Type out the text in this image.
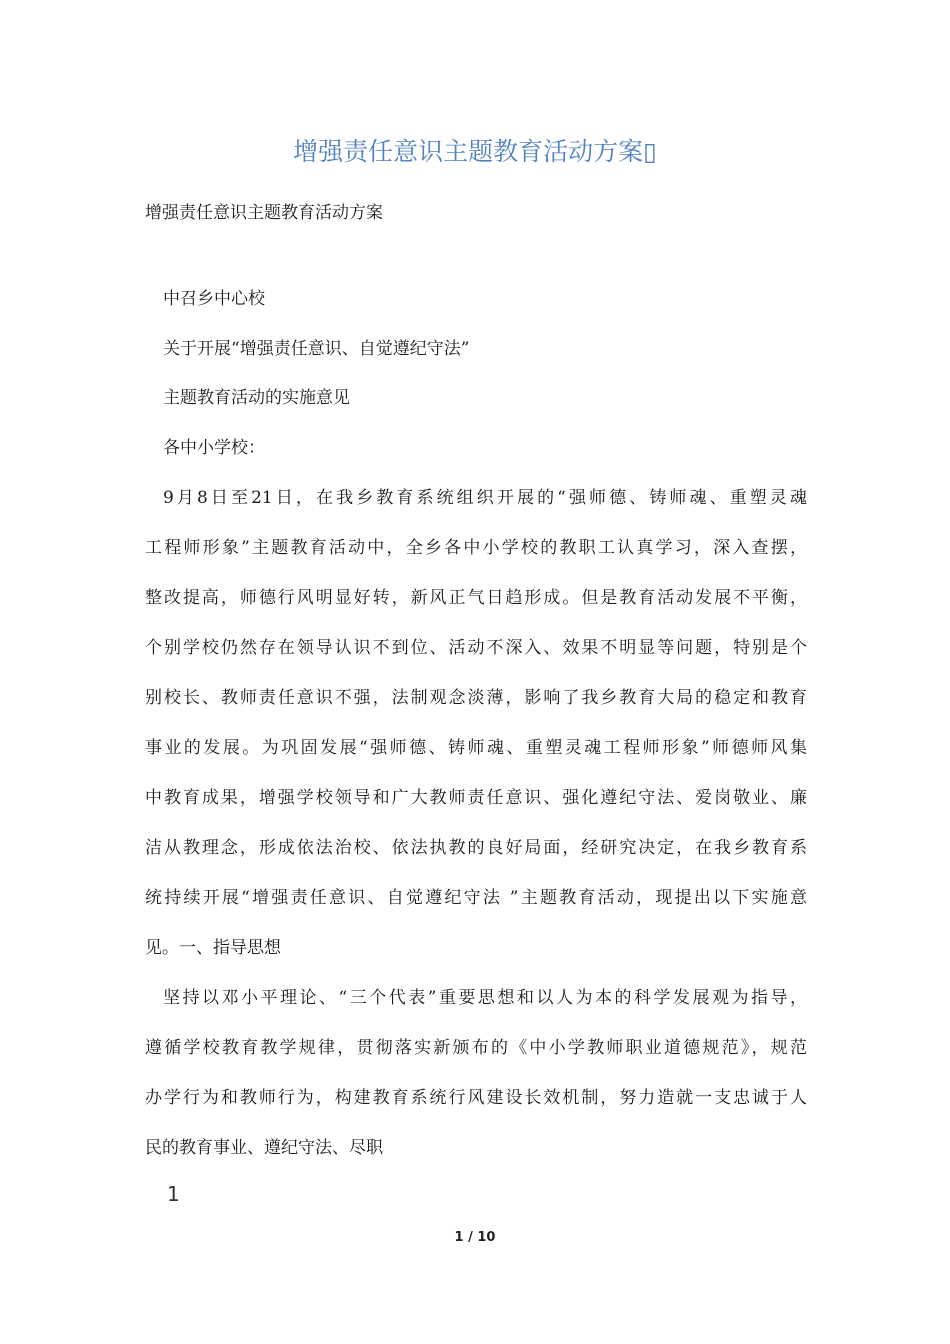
增强责任意识主题教育活动方案▯
增强责任意识主题教育活动方案
中召乡中心校
关于开展“增强责任意识、自觉遵纪守法”
主题教育活动的实施意见
各中小学校：
9月8日至21日，在我乡教育系统组织开展的“强师德、铸师魂、重塑灵魂
工程师形象”主题教育活动中，全乡各中小学校的教职工认真学习，深入查摆，
整改提高，师德行风明显好转，新风正气日趋形成。但是教育活动发展不平衡，
个别学校仍然存在领导认识不到位、活动不深入、效果不明显等问题，特别是个
别校长、教师责任意识不强，法制观念淡薄，影响了我乡教育大局的稳定和教育
事业的发展。为巩固发展“强师德、铸师魂、重塑灵魂工程师形象”师德师风集
中教育成果，增强学校领导和广大教师责任意识、强化遵纪守法、爱岗敬业、廉
洁从教理念，形成依法治校、依法执教的良好局面，经研究决定，在我乡教育系
统持续开展“增强责任意识、自觉遵纪守法 ”主题教育活动，现提出以下实施意
见。一、指导思想
坚持以邓小平理论、“三个代表”重要思想和以人为本的科学发展观为指导，
遵循学校教育教学规律，贯彻落实新颁布的《中小学教师职业道德规范》，规范
办学行为和教师行为，构建教育系统行风建设长效机制，努力造就一支忠诚于人
民的教育事业、遵纪守法、尽职
1
1 / 10
